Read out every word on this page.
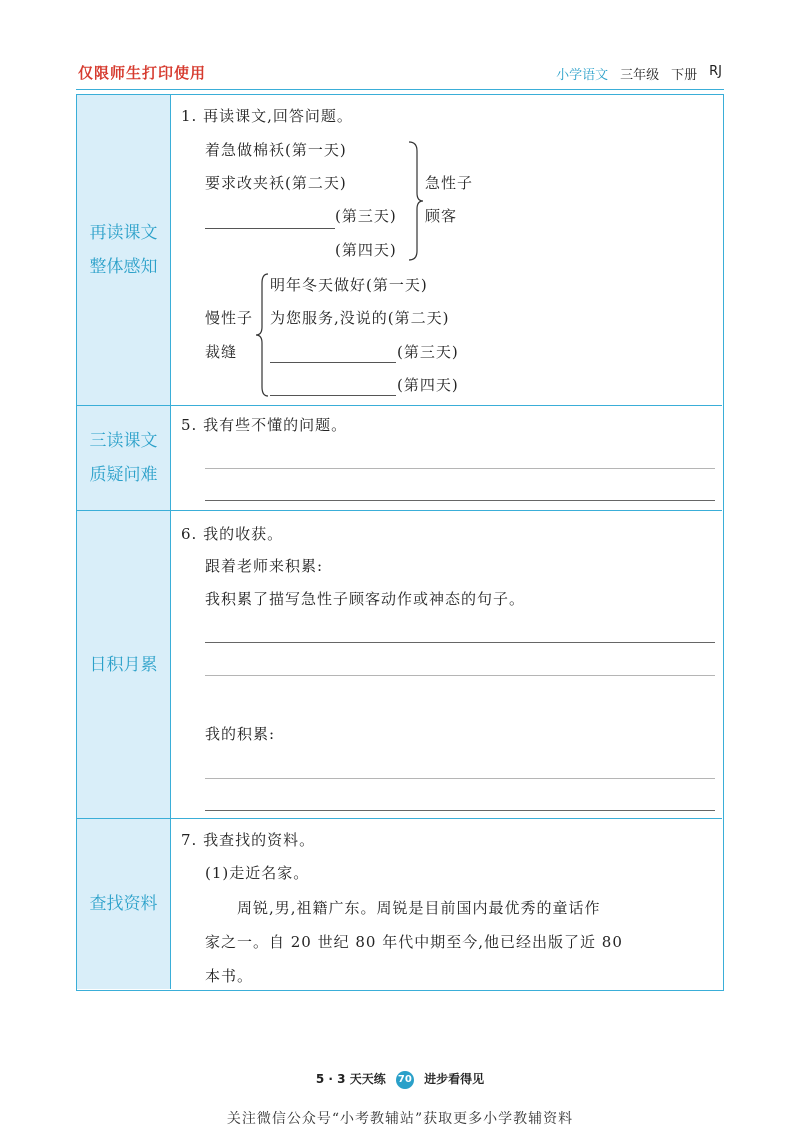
仅限师生打印使用	小学语文 三年级 下册 RJ
再读课文
整体感知
1. 再读课文,回答问题。
着急做棉袄(第一天)
要求改夹袄(第二天)
(第三天)
(第四天)
急性子
顾客
慢性子
裁缝
明年冬天做好(第一天)
为您服务,没说的(第二天)
(第三天)
(第四天)
三读课文
质疑问难
5. 我有些不懂的问题。
日积月累
6. 我的收获。
跟着老师来积累:
我积累了描写急性子顾客动作或神态的句子。
我的积累:
查找资料
7. 我查找的资料。
(1)走近名家。
周锐,男,祖籍广东。周锐是目前国内最优秀的童话作
家之一。自 20 世纪 80 年代中期至今,他已经出版了近 80
本书。
5 · 3 天天练 70 进步看得见
关注微信公众号“小考教辅站”获取更多小学教辅资料
